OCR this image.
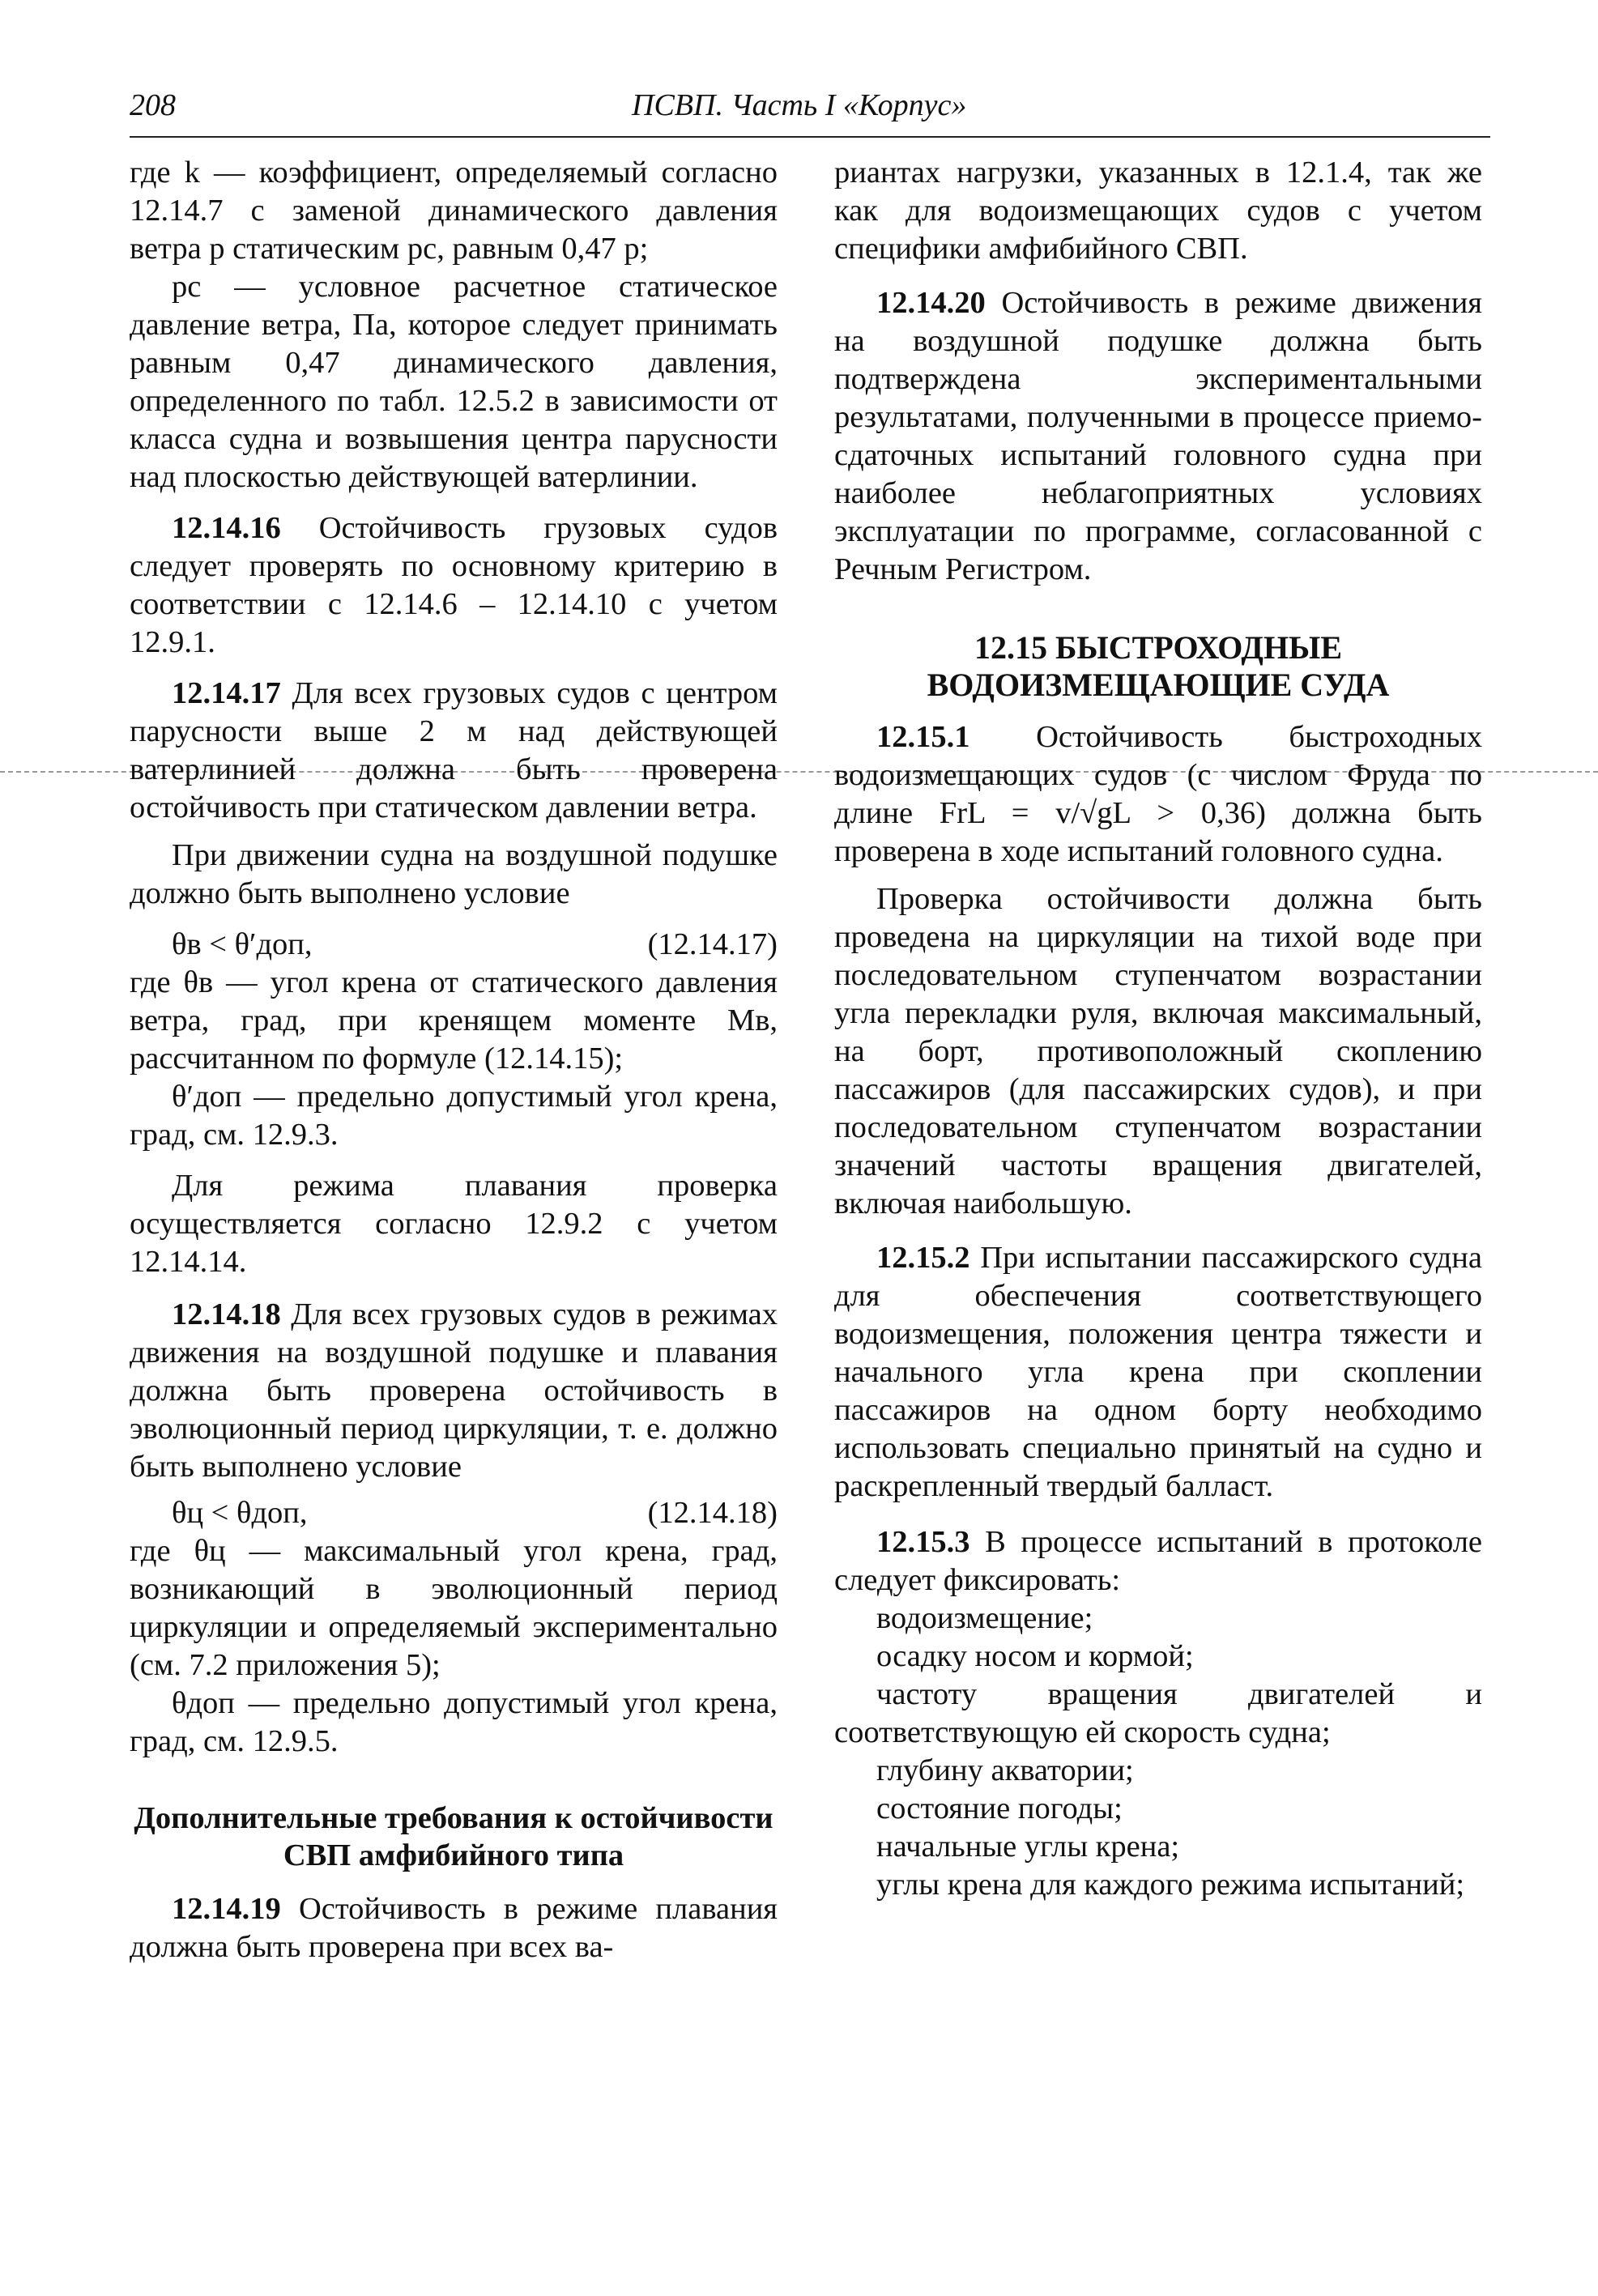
208	ПСВП. Часть I «Корпус»

где k — коэффициент, определяемый согласно 12.14.7 с заменой динамического давления ветра p статическим pс, равным 0,47 p;

pс — условное расчетное статическое давление ветра, Па, которое следует принимать равным 0,47 динамического давления, определенного по табл. 12.5.2 в зависимости от класса судна и возвышения центра парусности над плоскостью действующей ватерлинии.

12.14.16 Остойчивость грузовых судов следует проверять по основному критерию в соответствии с 12.14.6 – 12.14.10 с учетом 12.9.1.

12.14.17 Для всех грузовых судов с центром парусности выше 2 м над действующей ватерлинией должна быть проверена остойчивость при статическом давлении ветра.

При движении судна на воздушной подушке должно быть выполнено условие

θв < θ′доп,	(12.14.17)

где θв — угол крена от статического давления ветра, град, при кренящем моменте Mв, рассчитанном по формуле (12.14.15);

θ′доп — предельно допустимый угол крена, град, см. 12.9.3.

Для режима плавания проверка осуществляется согласно 12.9.2 с учетом 12.14.14.

12.14.18 Для всех грузовых судов в режимах движения на воздушной подушке и плавания должна быть проверена остойчивость в эволюционный период циркуляции, т. е. должно быть выполнено условие

θц < θдоп,	(12.14.18)

где θц — максимальный угол крена, град, возникающий в эволюционный период циркуляции и определяемый экспериментально (см. 7.2 приложения 5);

θдоп — предельно допустимый угол крена, град, см. 12.9.5.

Дополнительные требования к остойчивости СВП амфибийного типа

12.14.19 Остойчивость в режиме плавания должна быть проверена при всех ва-

риантах нагрузки, указанных в 12.1.4, так же как для водоизмещающих судов с учетом специфики амфибийного СВП.

12.14.20 Остойчивость в режиме движения на воздушной подушке должна быть подтверждена экспериментальными результатами, полученными в процессе приемо-сдаточных испытаний головного судна при наиболее неблагоприятных условиях эксплуатации по программе, согласованной с Речным Регистром.

12.15 БЫСТРОХОДНЫЕ ВОДОИЗМЕЩАЮЩИЕ СУДА

12.15.1 Остойчивость быстроходных водоизмещающих судов (с числом Фруда по длине FrL = v/√gL > 0,36) должна быть проверена в ходе испытаний головного судна.

Проверка остойчивости должна быть проведена на циркуляции на тихой воде при последовательном ступенчатом возрастании угла перекладки руля, включая максимальный, на борт, противоположный скоплению пассажиров (для пассажирских судов), и при последовательном ступенчатом возрастании значений частоты вращения двигателей, включая наибольшую.

12.15.2 При испытании пассажирского судна для обеспечения соответствующего водоизмещения, положения центра тяжести и начального угла крена при скоплении пассажиров на одном борту необходимо использовать специально принятый на судно и раскрепленный твердый балласт.

12.15.3 В процессе испытаний в протоколе следует фиксировать:

водоизмещение;

осадку носом и кормой;

частоту вращения двигателей и соответствующую ей скорость судна;

глубину акватории;

состояние погоды;

начальные углы крена;

углы крена для каждого режима испытаний;
